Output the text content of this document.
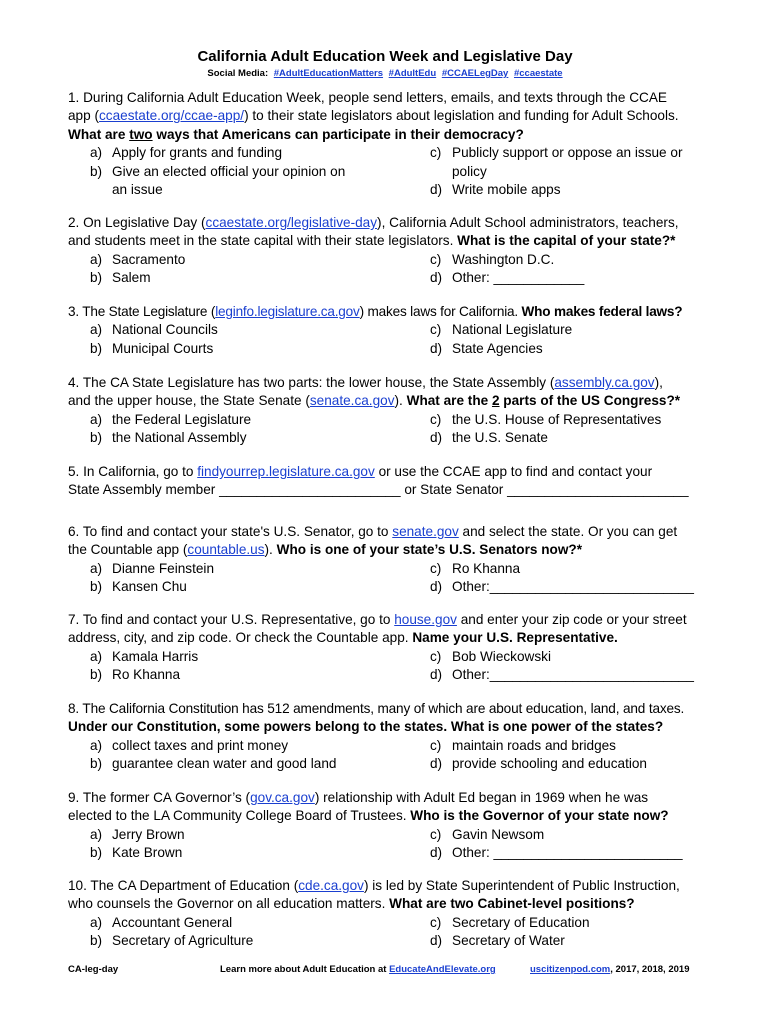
California Adult Education Week and Legislative Day
Social Media: #AdultEducationMatters #AdultEdu #CCAELegDay #ccaestate

1. During California Adult Education Week, people send letters, emails, and texts through the CCAE

app (ccaestate.org/ccae-app/) to their state legislators about legislation and funding for Adult Schools.

What are two ways that Americans can participate in their democracy?

a) Apply for grants and funding
b) Give an elected official your opinion on
an issue
c) Publicly support or oppose an issue or
policy
d) Write mobile apps

2. On Legislative Day (ccaestate.org/legislative-day), California Adult School administrators, teachers,

and students meet in the state capital with their state legislators. What is the capital of your state?*

a) Sacramento
b) Salem
c) Washington D.C.
d) Other: ____________

3. The State Legislature (leginfo.legislature.ca.gov) makes laws for California. Who makes federal laws?

a) National Councils
b) Municipal Courts
c) National Legislature
d) State Agencies

4. The CA State Legislature has two parts: the lower house, the State Assembly (assembly.ca.gov),

and the upper house, the State Senate (senate.ca.gov). What are the 2 parts of the US Congress?*

a) the Federal Legislature
b) the National Assembly
c) the U.S. House of Representatives
d) the U.S. Senate

5. In California, go to findyourrep.legislature.ca.gov or use the CCAE app to find and contact your

State Assembly member ________________________ or State Senator ________________________

6. To find and contact your state's U.S. Senator, go to senate.gov and select the state. Or you can get

the Countable app (countable.us). Who is one of your state’s U.S. Senators now?*

a) Dianne Feinstein
b) Kansen Chu
c) Ro Khanna
d) Other:___________________________

7. To find and contact your U.S. Representative, go to house.gov and enter your zip code or your street

address, city, and zip code. Or check the Countable app. Name your U.S. Representative.

a) Kamala Harris
b) Ro Khanna
c) Bob Wieckowski
d) Other:___________________________

8. The California Constitution has 512 amendments, many of which are about education, land, and taxes.

Under our Constitution, some powers belong to the states. What is one power of the states?

a) collect taxes and print money
b) guarantee clean water and good land
c) maintain roads and bridges
d) provide schooling and education

9. The former CA Governor’s (gov.ca.gov) relationship with Adult Ed began in 1969 when he was

elected to the LA Community College Board of Trustees. Who is the Governor of your state now?

a) Jerry Brown
b) Kate Brown
c) Gavin Newsom
d) Other: _________________________

10. The CA Department of Education (cde.ca.gov) is led by State Superintendent of Public Instruction,

who counsels the Governor on all education matters. What are two Cabinet-level positions?

a) Accountant General
b) Secretary of Agriculture
c) Secretary of Education
d) Secretary of Water
CA-leg-day	Learn more about Adult Education at EducateAndElevate.org	uscitizenpod.com, 2017, 2018, 2019
